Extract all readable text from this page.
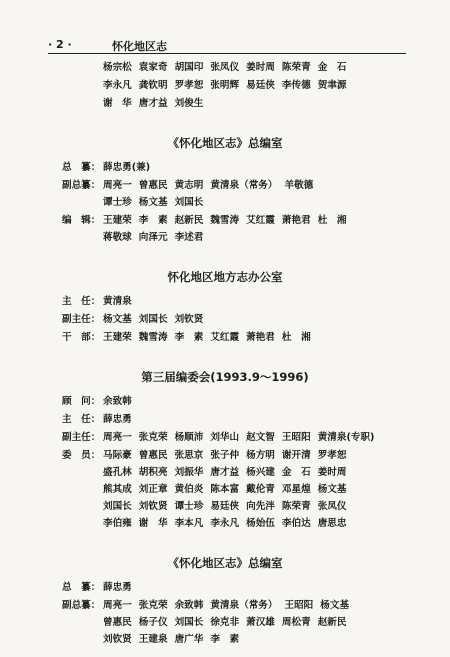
· 2 ·	怀化地区志
杨宗松 袁家奇 胡国印 张凤仪 姜时周 陈荣青 金　石
李永凡 龚钦明 罗孝恕 张明辉 易廷侠 李传德 贺聿源
谢　华 唐才益 刘俊生
《怀化地区志》总编室
总　纂： 薛忠勇(兼)
副总纂： 周亮一 曾惠民 黄志明 黄清泉（常务） 羊敬德
谭士珍 杨文基 刘国长
编　辑： 王建荣 李　素 赵新民 魏雪涛 艾红霞 萧艳君 杜　湘
蒋敬球 向泽元 李述君
怀化地区地方志办公室
主　任： 黄清泉
副主任： 杨文基 刘国长 刘钦贤
干　部： 王建荣 魏雪涛 李　素 艾红霞 萧艳君 杜　湘
第三届编委会(1993.9～1996)
顾　问： 余致韩
主　任： 薛忠勇
副主任： 周亮一 张克荣 杨顺沛 刘华山 赵文智 王昭阳 黄清泉(专职)
委　员： 马际豪 曾惠民 张思京 张子仲 杨方明 谢开清 罗孝恕
盛孔林 胡积亮 刘振华 唐才益 杨兴建 金　石 姜时周
熊其成 刘正章 黄伯炎 陈本富 戴伦青 邓星煌 杨文基
刘国长 刘钦贤 谭士珍 易廷侠 向先泮 陈荣青 张凤仪
李伯雍 谢　华 李本凡 李永凡 杨始伍 李伯达 唐思忠
《怀化地区志》总编室
总　纂： 薛忠勇
副总纂： 周亮一 张克荣 余致韩 黄清泉（常务） 王昭阳 杨文基
曾惠民 杨子仪 刘国长 徐克非 萧汉雄 周松青 赵新民
刘钦贤 王建泉 唐广华 李　素
